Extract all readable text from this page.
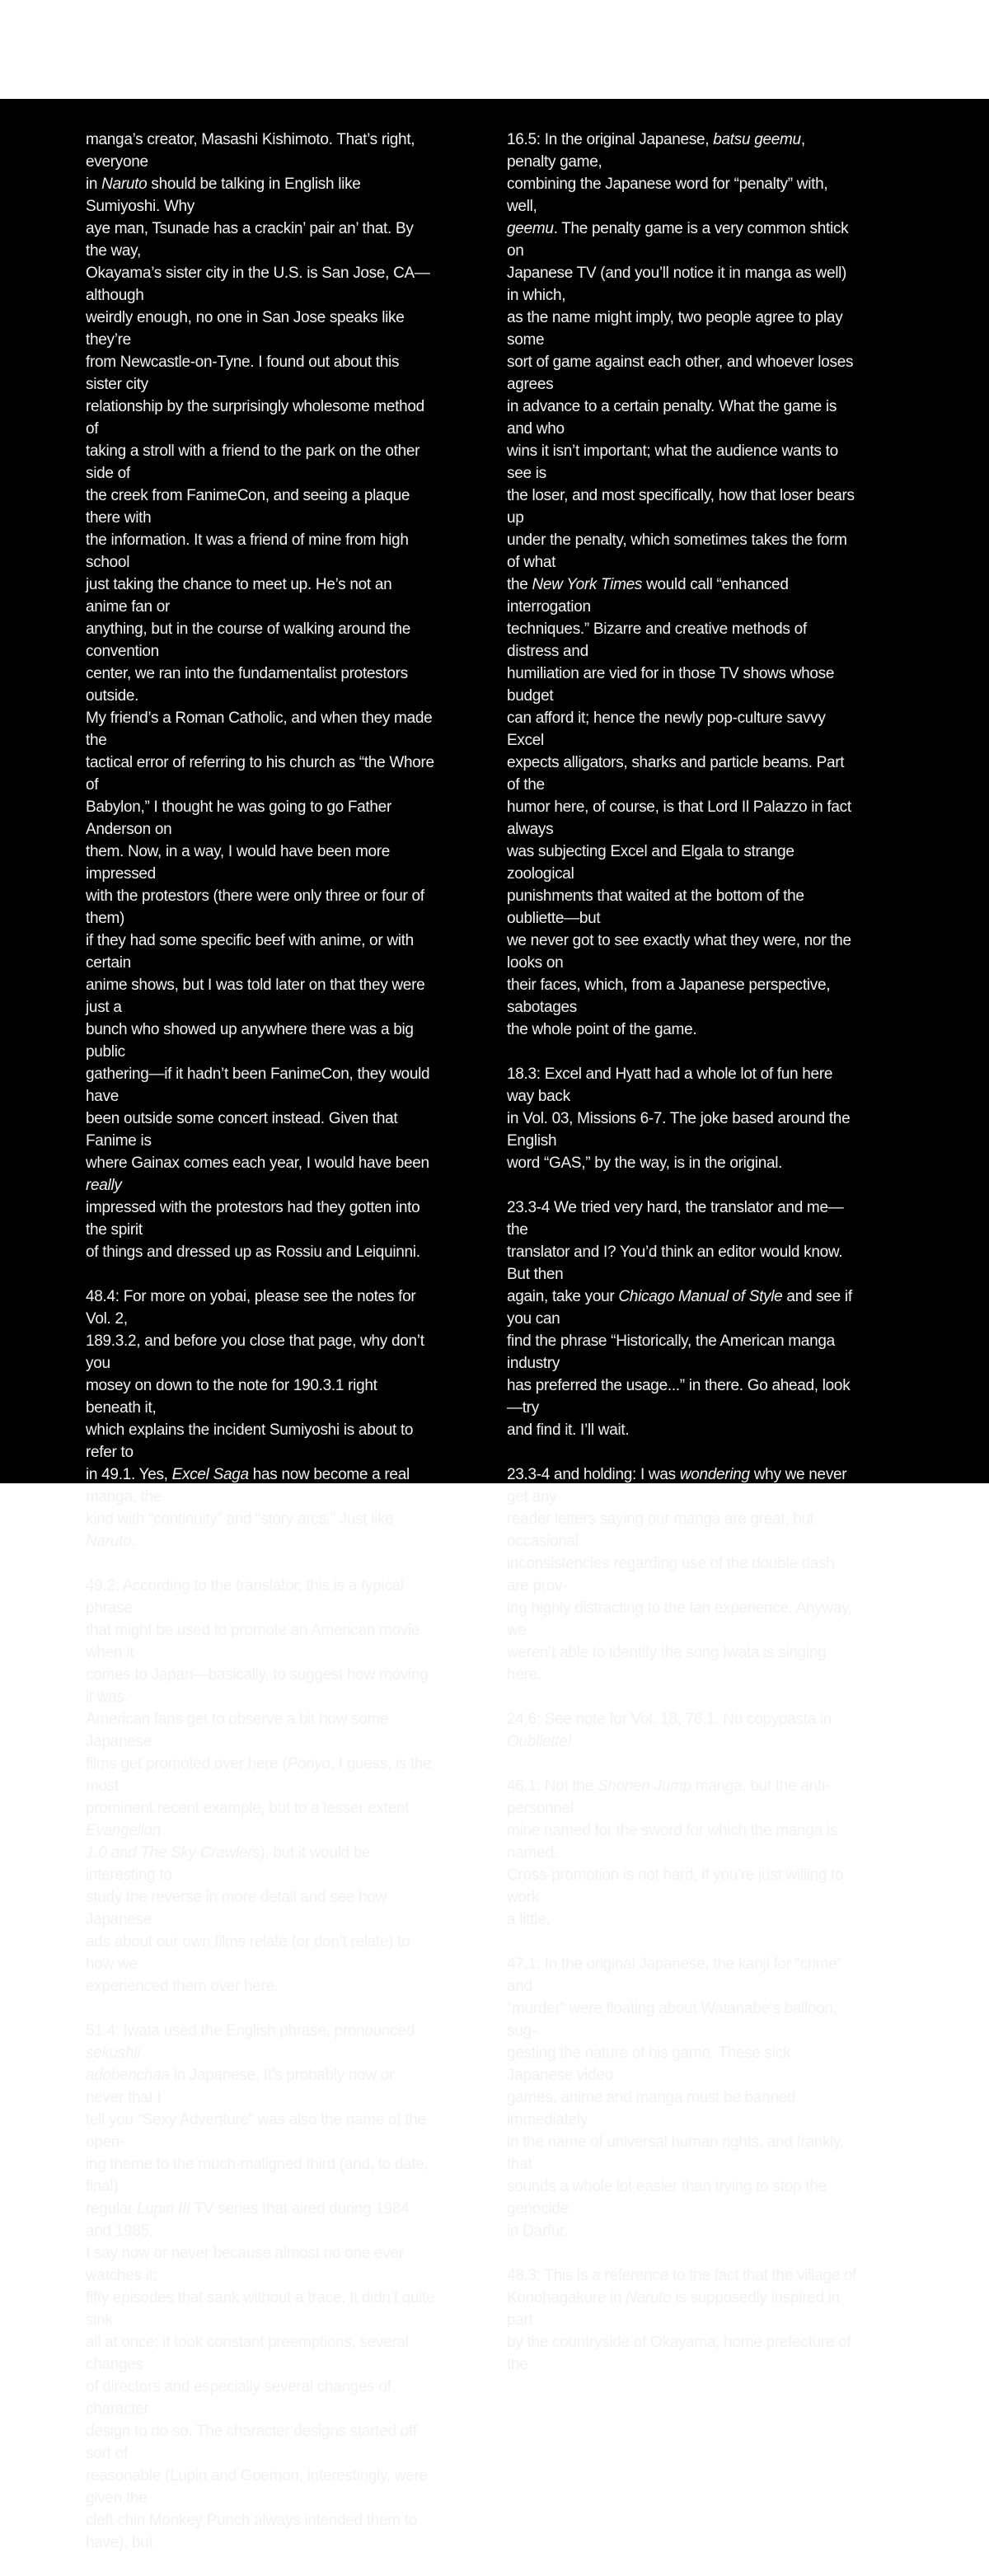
manga’s creator, Masashi Kishimoto. That’s right, everyone
in Naruto should be talking in English like Sumiyoshi. Why
aye man, Tsunade has a crackin’ pair an’ that. By the way,
Okayama’s sister city in the U.S. is San Jose, CA—although
weirdly enough, no one in San Jose speaks like they’re
from Newcastle-on-Tyne. I found out about this sister city
relationship by the surprisingly wholesome method of
taking a stroll with a friend to the park on the other side of
the creek from FanimeCon, and seeing a plaque there with
the information. It was a friend of mine from high school
just taking the chance to meet up. He’s not an anime fan or
anything, but in the course of walking around the convention
center, we ran into the fundamentalist protestors outside.
My friend’s a Roman Catholic, and when they made the
tactical error of referring to his church as “the Whore of
Babylon,” I thought he was going to go Father Anderson on
them. Now, in a way, I would have been more impressed
with the protestors (there were only three or four of them)
if they had some specific beef with anime, or with certain
anime shows, but I was told later on that they were just a
bunch who showed up anywhere there was a big public
gathering—if it hadn’t been FanimeCon, they would have
been outside some concert instead. Given that Fanime is
where Gainax comes each year, I would have been really
impressed with the protestors had they gotten into the spirit
of things and dressed up as Rossiu and Leiquinni.

48.4: For more on yobai, please see the notes for Vol. 2,
189.3.2, and before you close that page, why don’t you
mosey on down to the note for 190.3.1 right beneath it,
which explains the incident Sumiyoshi is about to refer to
in 49.1. Yes, Excel Saga has now become a real manga, the
kind with “continuity” and “story arcs.” Just like Naruto.

49.2: According to the translator, this is a typical phrase
that might be used to promote an American movie when it
comes to Japan—basically, to suggest how moving it was.
American fans get to observe a bit how some Japanese
films get promoted over here (Ponyo, I guess, is the most
prominent recent example, but to a lesser extent Evangelion
1.0 and The Sky Crawlers), but it would be interesting to
study the reverse in more detail and see how Japanese
ads about our own films relate (or don’t relate) to how we
experienced them over here.

51.4: Iwata used the English phrase, pronounced sekushii
adobenchaa in Japanese. It’s probably now or never that I
tell you “Sexy Adventure” was also the name of the open-
ing theme to the much-maligned third (and, to date, final)
regular Lupin III TV series that aired during 1984 and 1985.
I say now or never because almost no one ever watches it;
fifty episodes that sank without a trace. It didn’t quite sink
all at once; it took constant preemptions, several changes
of directors and especially several changes of character
design to do so. The character designs started off sort of
reasonable (Lupin and Goemon, interestingly, were given the
cleft chin Monkey Punch always intended them to have), but

16.5: In the original Japanese, batsu geemu, penalty game,
combining the Japanese word for “penalty” with, well,
geemu. The penalty game is a very common shtick on
Japanese TV (and you’ll notice it in manga as well) in which,
as the name might imply, two people agree to play some
sort of game against each other, and whoever loses agrees
in advance to a certain penalty. What the game is and who
wins it isn’t important; what the audience wants to see is
the loser, and most specifically, how that loser bears up
under the penalty, which sometimes takes the form of what
the New York Times would call “enhanced interrogation
techniques.” Bizarre and creative methods of distress and
humiliation are vied for in those TV shows whose budget
can afford it; hence the newly pop-culture savvy Excel
expects alligators, sharks and particle beams. Part of the
humor here, of course, is that Lord Il Palazzo in fact always
was subjecting Excel and Elgala to strange zoological
punishments that waited at the bottom of the oubliette—but
we never got to see exactly what they were, nor the looks on
their faces, which, from a Japanese perspective, sabotages
the whole point of the game.

18.3: Excel and Hyatt had a whole lot of fun here way back
in Vol. 03, Missions 6-7. The joke based around the English
word “GAS,” by the way, is in the original.

23.3-4 We tried very hard, the translator and me—the
translator and I? You’d think an editor would know. But then
again, take your Chicago Manual of Style and see if you can
find the phrase “Historically, the American manga industry
has preferred the usage...” in there. Go ahead, look—try
and find it. I’ll wait.

23.3-4 and holding: I was wondering why we never get any
reader letters saying our manga are great, but occasional
inconsistencies regarding use of the double dash are prov-
ing highly distracting to the fan experience. Anyway, we
weren’t able to identify the song Iwata is singing here.

24.6: See note for Vol. 18, 76.1. No copypasta in Oubliette!

46.1: Not the Shonen Jump manga, but the anti-personnel
mine named for the sword for which the manga is named.
Cross-promotion is not hard, if you’re just willing to work
a little.

47.1: In the original Japanese, the kanji for “crime” and
“murder” were floating about Watanabe’s balloon, sug-
gesting the nature of his game. These sick Japanese video
games, anime and manga must be banned immediately
in the name of universal human rights, and frankly, that
sounds a whole lot easier than trying to stop the genocide
in Darfur.

48.3: This is a reference to the fact that the village of
Konohagakure in Naruto is supposedly inspired in part
by the countryside of Okayama, home prefecture of the
